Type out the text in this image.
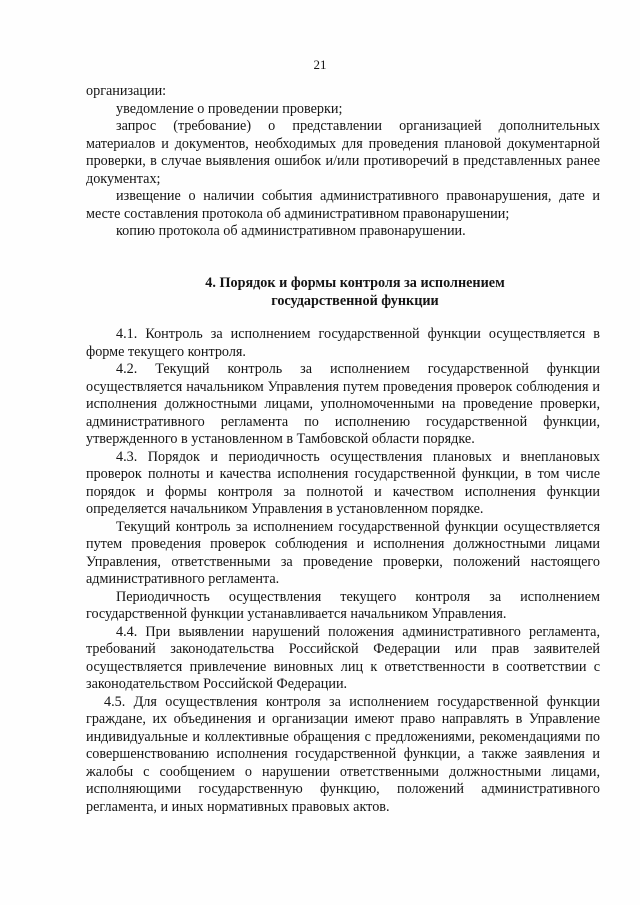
21

организации:

уведомление о проведении проверки;

запрос (требование) о представлении организацией дополнительных материалов и документов, необходимых для проведения плановой документарной проверки, в случае выявления ошибок и/или противоречий в представленных ранее документах;

извещение о наличии события административного правонарушения, дате и месте составления протокола об административном правонарушении;

копию протокола об административном правонарушении.

4. Порядок и формы контроля за исполнением
государственной функции

4.1. Контроль за исполнением государственной функции осуществляется в форме текущего контроля.

4.2. Текущий контроль за исполнением государственной функции осуществляется начальником Управления путем проведения проверок соблюдения и исполнения должностными лицами, уполномоченными на проведение проверки, административного регламента по исполнению государственной функции, утвержденного в установленном в Тамбовской области порядке.

4.3. Порядок и периодичность осуществления плановых и внеплановых проверок полноты и качества исполнения государственной функции, в том числе порядок и формы контроля за полнотой и качеством исполнения функции определяется начальником Управления в установленном порядке.

Текущий контроль за исполнением государственной функции осуществляется путем проведения проверок соблюдения и исполнения должностными лицами Управления, ответственными за проведение проверки, положений настоящего административного регламента.

Периодичность осуществления текущего контроля за исполнением государственной функции устанавливается начальником Управления.

4.4. При выявлении нарушений положения административного регламента, требований законодательства Российской Федерации или прав заявителей осуществляется привлечение виновных лиц к ответственности в соответствии с законодательством Российской Федерации.

4.5. Для осуществления контроля за исполнением государственной функции граждане, их объединения и организации имеют право направлять в Управление индивидуальные и коллективные обращения с предложениями, рекомендациями по совершенствованию исполнения государственной функции, а также заявления и жалобы с сообщением о нарушении ответственными должностными лицами, исполняющими государственную функцию, положений административного регламента, и иных нормативных правовых актов.
